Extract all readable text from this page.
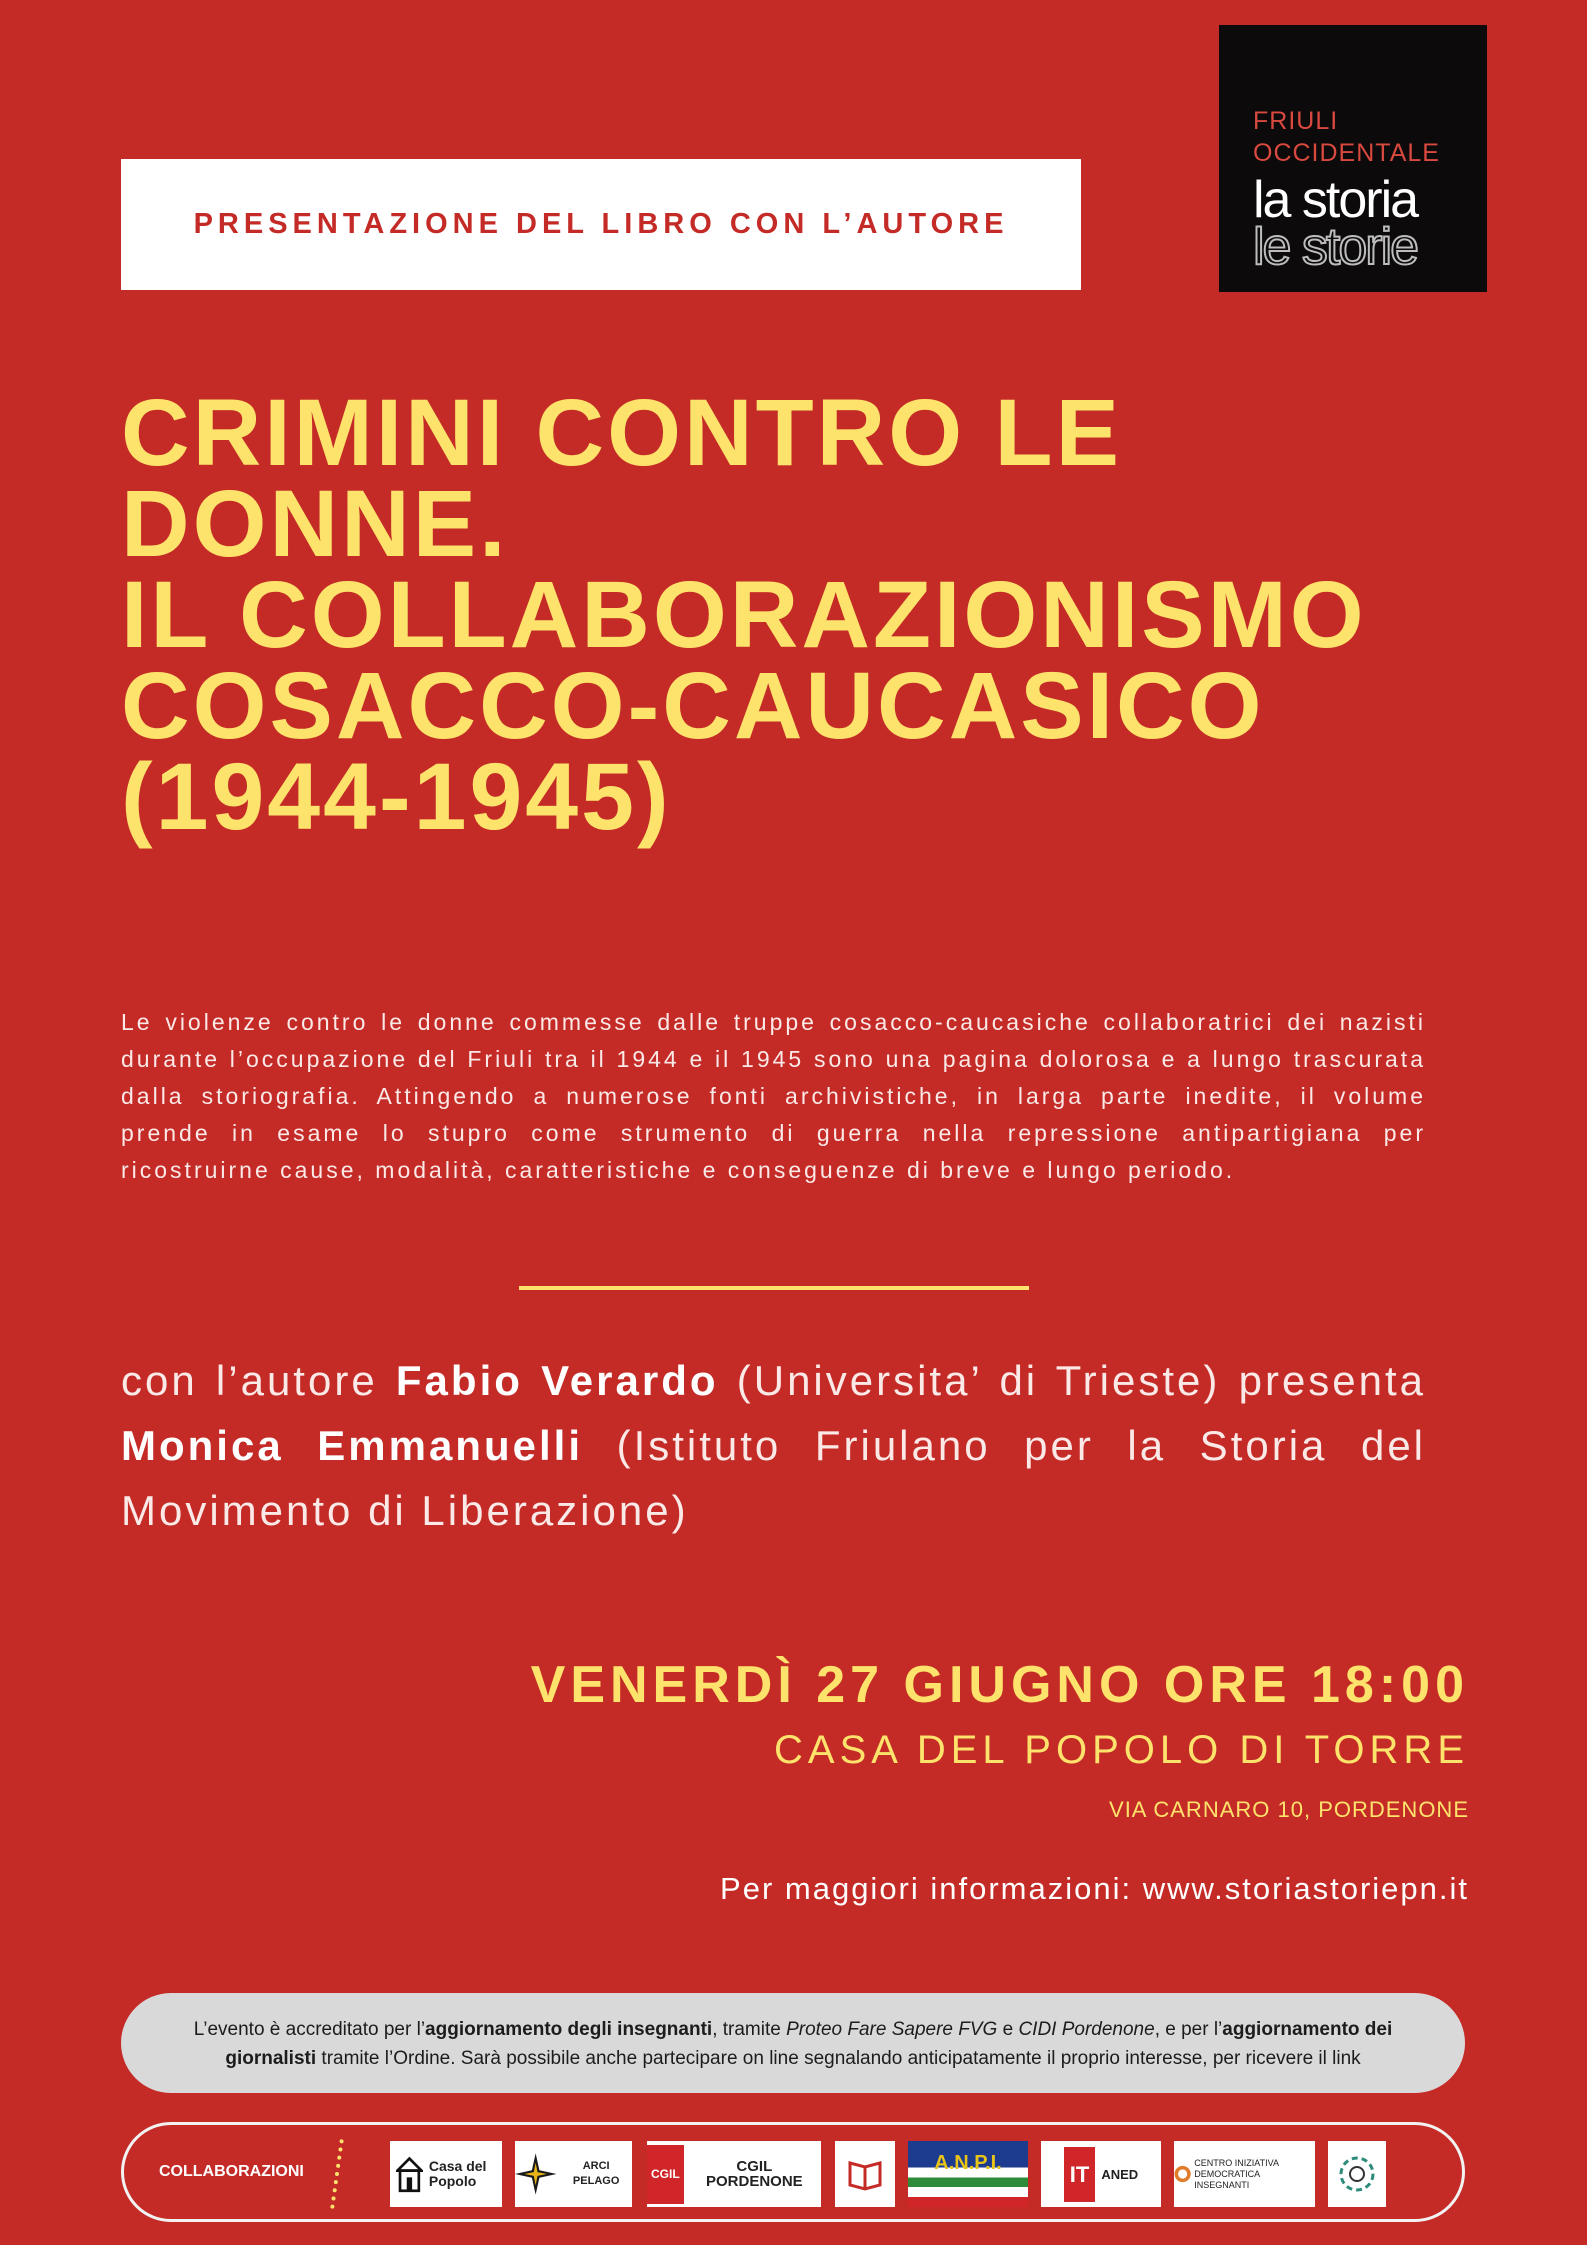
PRESENTAZIONE DEL LIBRO CON L’AUTORE
FRIULI
OCCIDENTALE
la storia
le storie
CRIMINI CONTRO LE
DONNE.
IL COLLABORAZIONISMO
COSACCO-CAUCASICO
(1944-1945)

Le violenze contro le donne commesse dalle truppe cosacco-caucasiche collaboratrici dei nazisti durante l’occupazione del Friuli tra il 1944 e il 1945 sono una pagina dolorosa e a lungo trascurata dalla storiografia. Attingendo a numerose fonti archivistiche, in larga parte inedite, il volume prende in esame lo stupro come strumento di guerra nella repressione antipartigiana per ricostruirne cause, modalità, caratteristiche e conseguenze di breve e lungo periodo.

con l’autore Fabio Verardo (Universita’ di Trieste) presenta Monica Emmanuelli (Istituto Friulano per la Storia del Movimento di Liberazione)

VENERDÌ 27 GIUGNO ORE 18:00
CASA DEL POPOLO DI TORRE
VIA CARNARO 10, PORDENONE
Per maggiori informazioni: www.storiastoriepn.it
L’evento è accreditato per l’aggiornamento degli insegnanti, tramite Proteo Fare Sapere FVG e CIDI Pordenone, e per l’aggiornamento dei giornalisti tramite l’Ordine. Sarà possibile anche partecipare on line segnalando anticipatamente il proprio interesse, per ricevere il link
COLLABORAZIONI	Casa del Popolo
ARCI PELAGO
CGIL	CGIL PORDENONE
A.N.P.I.	IT ANED
CENTRO INIZIATIVA DEMOCRATICA INSEGNANTI
